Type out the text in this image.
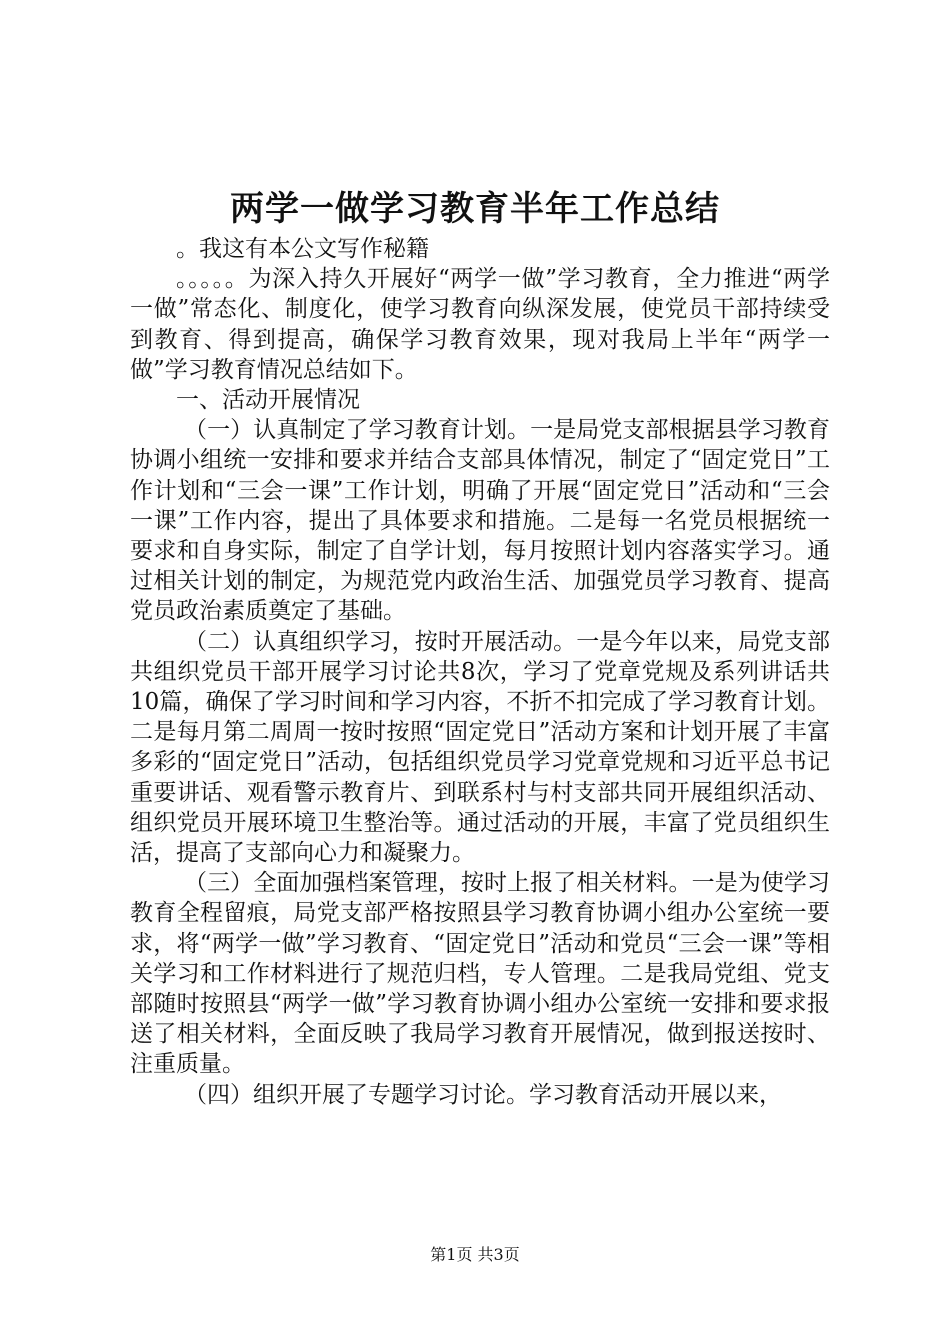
两学一做学习教育半年工作总结

。我这有本公文写作秘籍

。。。。。为深入持久开展好“两学一做”学习教育，全力推进“两学一做”常态化、制度化，使学习教育向纵深发展，使党员干部持续受到教育、得到提高，确保学习教育效果，现对我局上半年“两学一做”学习教育情况总结如下。

一、活动开展情况

（一）认真制定了学习教育计划。一是局党支部根据县学习教育协调小组统一安排和要求并结合支部具体情况，制定了“固定党日”工作计划和“三会一课”工作计划，明确了开展“固定党日”活动和“三会一课”工作内容，提出了具体要求和措施。二是每一名党员根据统一要求和自身实际，制定了自学计划，每月按照计划内容落实学习。通过相关计划的制定，为规范党内政治生活、加强党员学习教育、提高党员政治素质奠定了基础。

（二）认真组织学习，按时开展活动。一是今年以来，局党支部共组织党员干部开展学习讨论共8次，学习了党章党规及系列讲话共10篇，确保了学习时间和学习内容，不折不扣完成了学习教育计划。二是每月第二周周一按时按照“固定党日”活动方案和计划开展了丰富多彩的“固定党日”活动，包括组织党员学习党章党规和习近平总书记重要讲话、观看警示教育片、到联系村与村支部共同开展组织活动、组织党员开展环境卫生整治等。通过活动的开展，丰富了党员组织生活，提高了支部向心力和凝聚力。

（三）全面加强档案管理，按时上报了相关材料。一是为使学习教育全程留痕，局党支部严格按照县学习教育协调小组办公室统一要求，将“两学一做”学习教育、“固定党日”活动和党员“三会一课”等相关学习和工作材料进行了规范归档，专人管理。二是我局党组、党支部随时按照县“两学一做”学习教育协调小组办公室统一安排和要求报送了相关材料，全面反映了我局学习教育开展情况，做到报送按时、注重质量。

（四）组织开展了专题学习讨论。学习教育活动开展以来，

第1页 共3页
